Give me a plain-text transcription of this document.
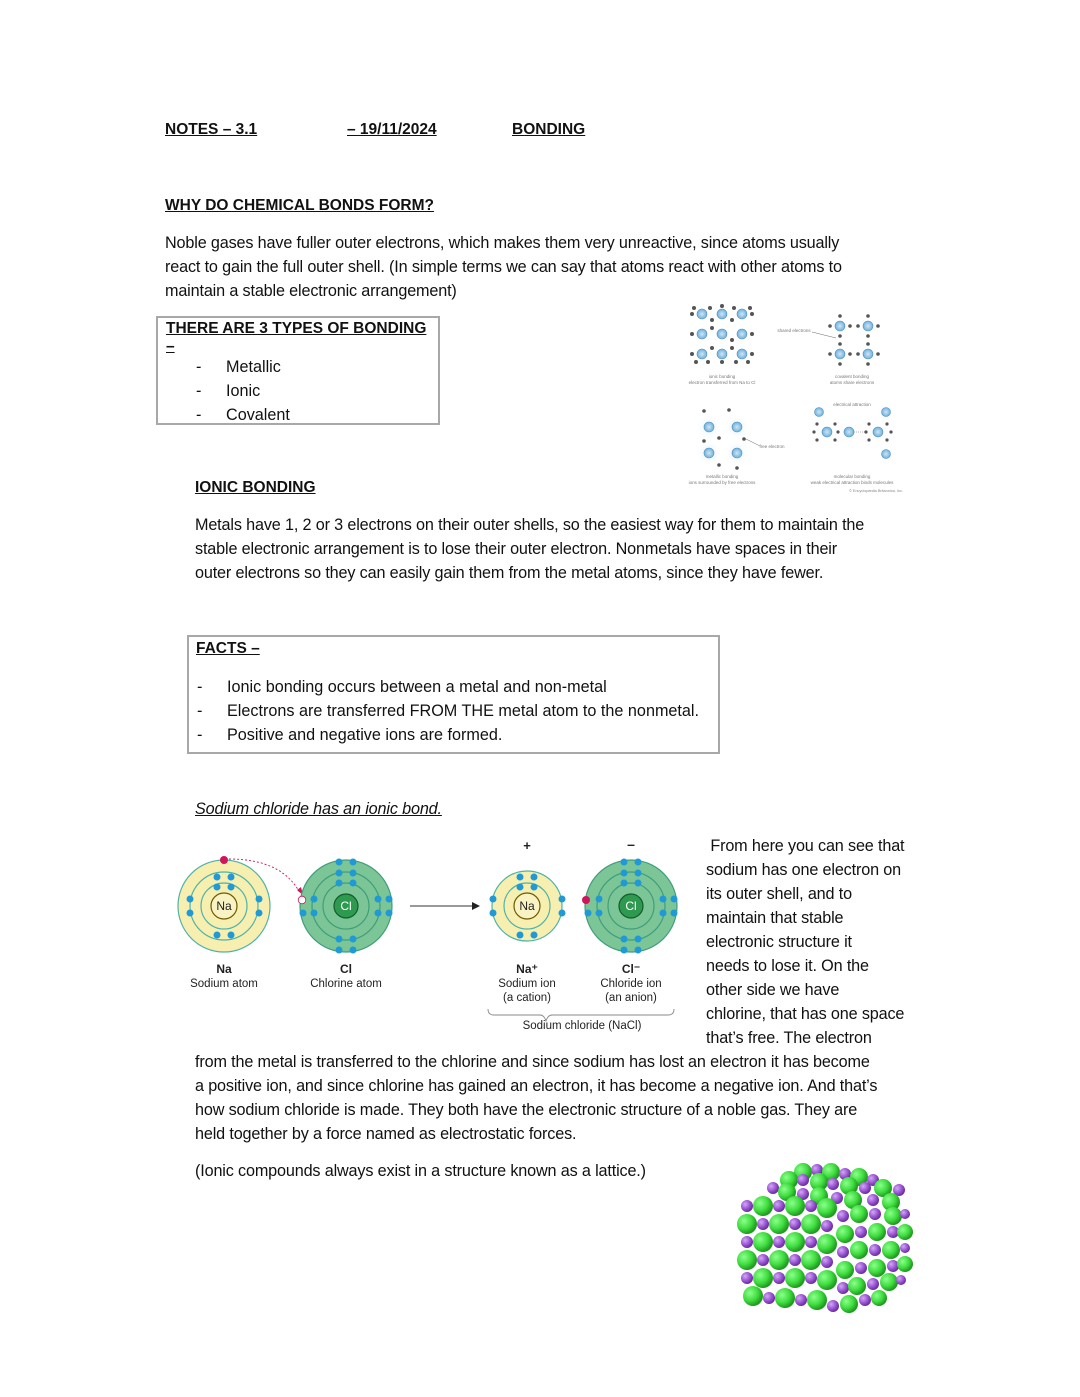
NOTES – 3.1	– 19/11/2024	BONDING
WHY DO CHEMICAL BONDS FORM?
Noble gases have fuller outer electrons, which makes them very unreactive, since atoms usually
react to gain the full outer shell. (In simple terms we can say that atoms react with other atoms to
maintain a stable electronic arrangement)
THERE ARE 3 TYPES OF BONDING –
- Metallic
- Ionic
- Covalent
ionic bonding
electron transferred from Na to Cl
shared electrons
covalent bonding
atoms share electrons
free electron
metallic bonding
ions surrounded by free electrons
electrical attraction
molecular bonding
weak electrical attraction binds molecules
© Encyclopædia Britannica, Inc.
IONIC BONDING
Metals have 1, 2 or 3 electrons on their outer shells, so the easiest way for them to maintain the
stable electronic arrangement is to lose their outer electron. Nonmetals have spaces in their
outer electrons so they can easily gain them from the metal atoms, since they have fewer.
FACTS –
- Ionic bonding occurs between a metal and non-metal
- Electrons are transferred FROM THE metal atom to the nonmetal.
- Positive and negative ions are formed.
Sodium chloride has an ionic bond.
Na	Cl	Na	Cl
+	–
Na
Sodium atom
Cl
Chlorine atom
Na⁺
Sodium ion
(a cation)
Cl⁻
Chloride ion
(an anion)
Sodium chloride (NaCl)
From here you can see that
sodium has one electron on
its outer shell, and to
maintain that stable
electronic structure it
needs to lose it. On the
other side we have
chlorine, that has one space
that’s free. The electron
from the metal is transferred to the chlorine and since sodium has lost an electron it has become
a positive ion, and since chlorine has gained an electron, it has become a negative ion. And that’s
how sodium chloride is made. They both have the electronic structure of a noble gas. They are
held together by a force named as electrostatic forces.
(Ionic compounds always exist in a structure known as a lattice.)
